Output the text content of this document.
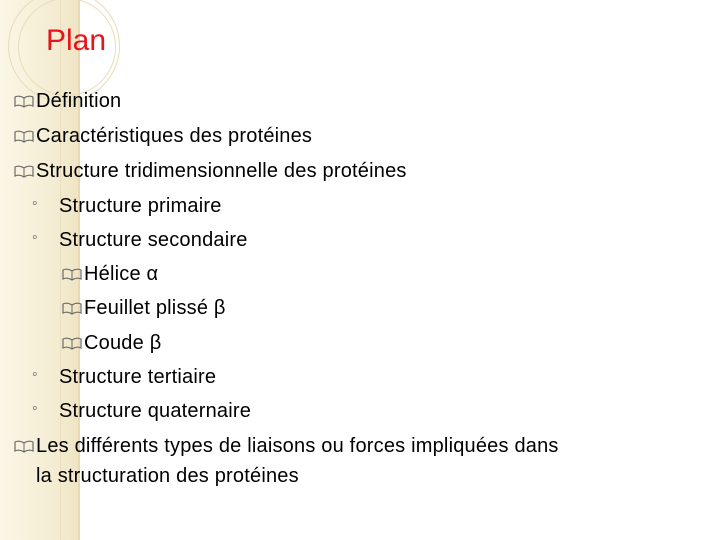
Plan
Définition
Caractéristiques des protéines
Structure tridimensionnelle des protéines
◦ Structure primaire
◦ Structure secondaire
Hélice α
Feuillet plissé β
Coude β
◦ Structure tertiaire
◦ Structure quaternaire
Les différents types de liaisons ou forces impliquées dans
la structuration des protéines
